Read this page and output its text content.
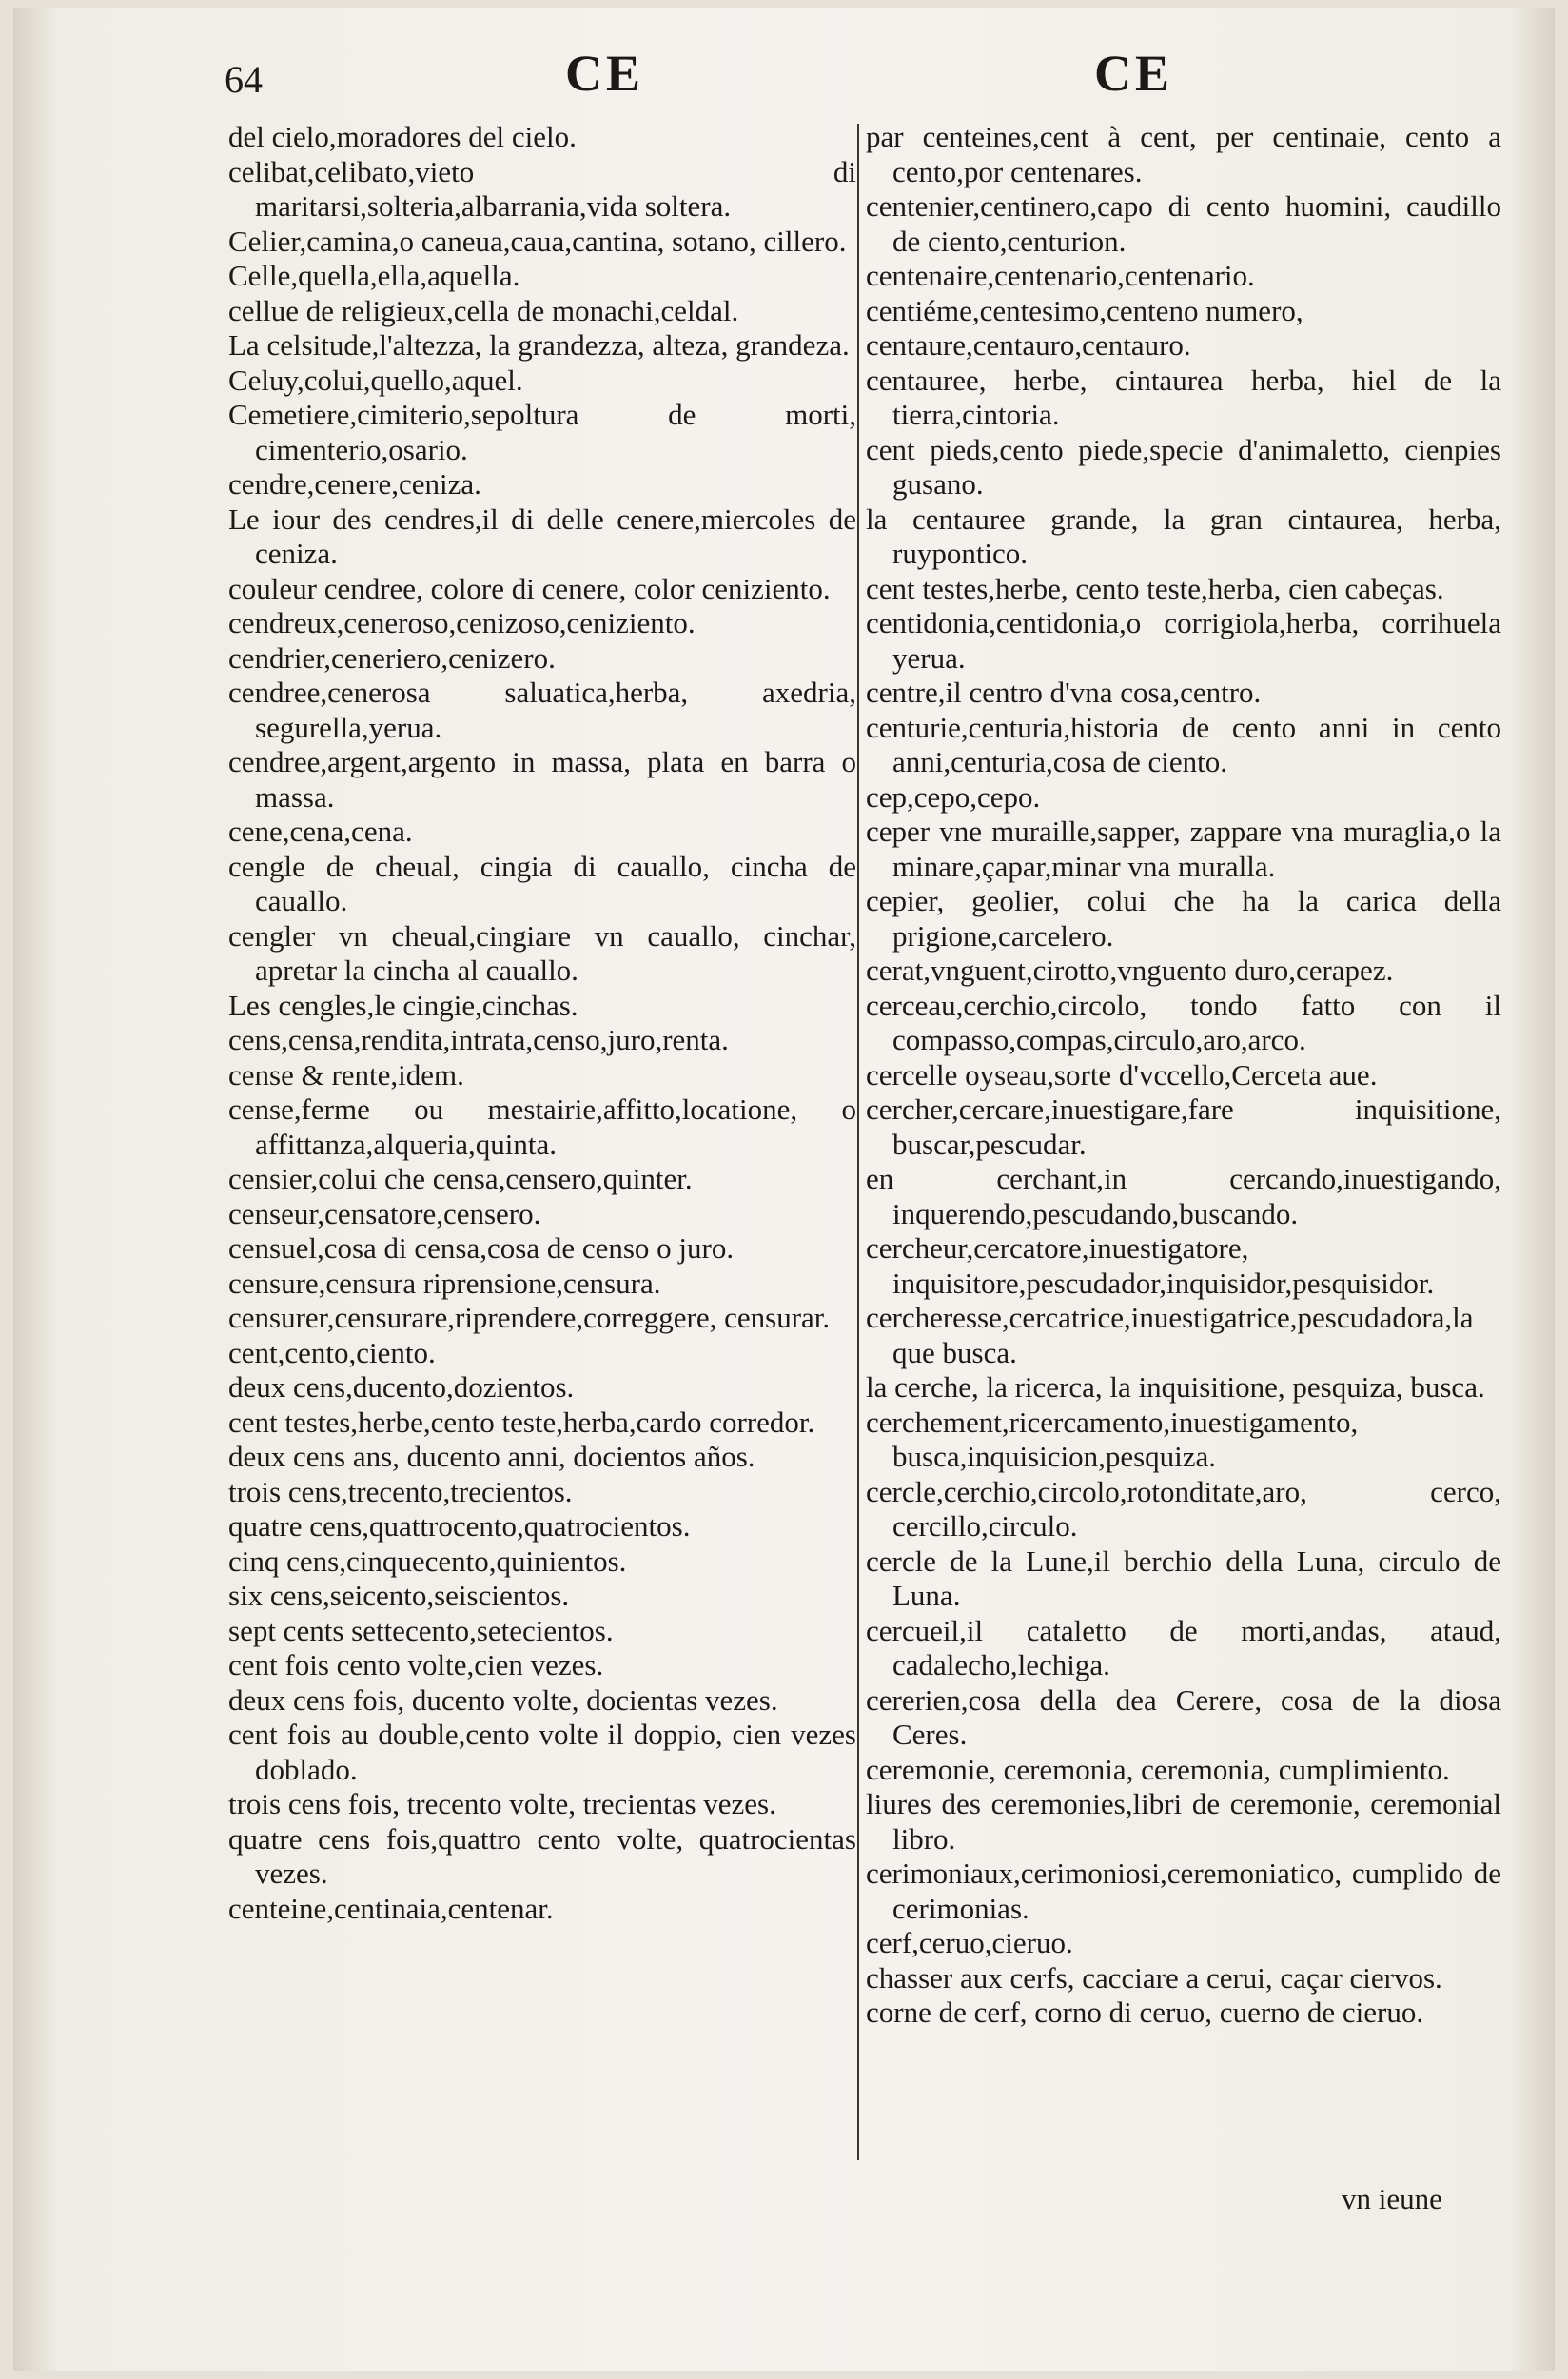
64	CE	CE
del cielo,moradores del cielo.
celibat,celibato,vieto di maritarsi,solteria,albarrania,vida soltera.
Celier,camina,o caneua,caua,cantina, sotano, cillero.
Celle,quella,ella,aquella.
cellue de religieux,cella de monachi,celdal.
La celsitude,l'altezza, la grandezza, alteza, grandeza.
Celuy,colui,quello,aquel.
Cemetiere,cimiterio,sepoltura de morti, cimenterio,osario.
cendre,cenere,ceniza.
Le iour des cendres,il di delle cenere,miercoles de ceniza.
couleur cendree, colore di cenere, color ceniziento.
cendreux,ceneroso,cenizoso,ceniziento.
cendrier,ceneriero,cenizero.
cendree,cenerosa saluatica,herba, axedria, segurella,yerua.
cendree,argent,argento in massa, plata en barra o massa.
cene,cena,cena.
cengle de cheual, cingia di cauallo, cincha de cauallo.
cengler vn cheual,cingiare vn cauallo, cinchar, apretar la cincha al cauallo.
Les cengles,le cingie,cinchas.
cens,censa,rendita,intrata,censo,juro,renta.
cense & rente,idem.
cense,ferme ou mestairie,affitto,locatione, o affittanza,alqueria,quinta.
censier,colui che censa,censero,quinter.
censeur,censatore,censero.
censuel,cosa di censa,cosa de censo o juro.
censure,censura riprensione,censura.
censurer,censurare,riprendere,correggere, censurar.
cent,cento,ciento.
deux cens,ducento,dozientos.
cent testes,herbe,cento teste,herba,cardo corredor.
deux cens ans, ducento anni, docientos años.
trois cens,trecento,trecientos.
quatre cens,quattrocento,quatrocientos.
cinq cens,cinquecento,quinientos.
six cens,seicento,seiscientos.
sept cents settecento,setecientos.
cent fois cento volte,cien vezes.
deux cens fois, ducento volte, docientas vezes.
cent fois au double,cento volte il doppio, cien vezes doblado.
trois cens fois, trecento volte, trecientas vezes.
quatre cens fois,quattro cento volte, quatrocientas vezes.
centeine,centinaia,centenar.
par centeines,cent à cent, per centinaie, cento a cento,por centenares.
centenier,centinero,capo di cento huomini, caudillo de ciento,centurion.
centenaire,centenario,centenario.
centiéme,centesimo,centeno numero,
centaure,centauro,centauro.
centauree, herbe, cintaurea herba, hiel de la tierra,cintoria.
cent pieds,cento piede,specie d'animaletto, cienpies gusano.
la centauree grande, la gran cintaurea, herba, ruypontico.
cent testes,herbe, cento teste,herba, cien cabeças.
centidonia,centidonia,o corrigiola,herba, corrihuela yerua.
centre,il centro d'vna cosa,centro.
centurie,centuria,historia de cento anni in cento anni,centuria,cosa de ciento.
cep,cepo,cepo.
ceper vne muraille,sapper, zappare vna muraglia,o la minare,çapar,minar vna muralla.
cepier, geolier, colui che ha la carica della prigione,carcelero.
cerat,vnguent,cirotto,vnguento duro,cerapez.
cerceau,cerchio,circolo, tondo fatto con il compasso,compas,circulo,aro,arco.
cercelle oyseau,sorte d'vccello,Cerceta aue.
cercher,cercare,inuestigare,fare inquisitione, buscar,pescudar.
en cerchant,in cercando,inuestigando, inquerendo,pescudando,buscando.
cercheur,cercatore,inuestigatore, inquisitore,pescudador,inquisidor,pesquisidor.
cercheresse,cercatrice,inuestigatrice,pescudadora,la que busca.
la cerche, la ricerca, la inquisitione, pesquiza, busca.
cerchement,ricercamento,inuestigamento, busca,inquisicion,pesquiza.
cercle,cerchio,circolo,rotonditate,aro, cerco, cercillo,circulo.
cercle de la Lune,il berchio della Luna, circulo de Luna.
cercueil,il cataletto de morti,andas, ataud, cadalecho,lechiga.
cererien,cosa della dea Cerere, cosa de la diosa Ceres.
ceremonie, ceremonia, ceremonia, cumplimiento.
liures des ceremonies,libri de ceremonie, ceremonial libro.
cerimoniaux,cerimoniosi,ceremoniatico, cumplido de cerimonias.
cerf,ceruo,cieruo.
chasser aux cerfs, cacciare a cerui, caçar ciervos.
corne de cerf, corno di ceruo, cuerno de cieruo.
vn ieune
